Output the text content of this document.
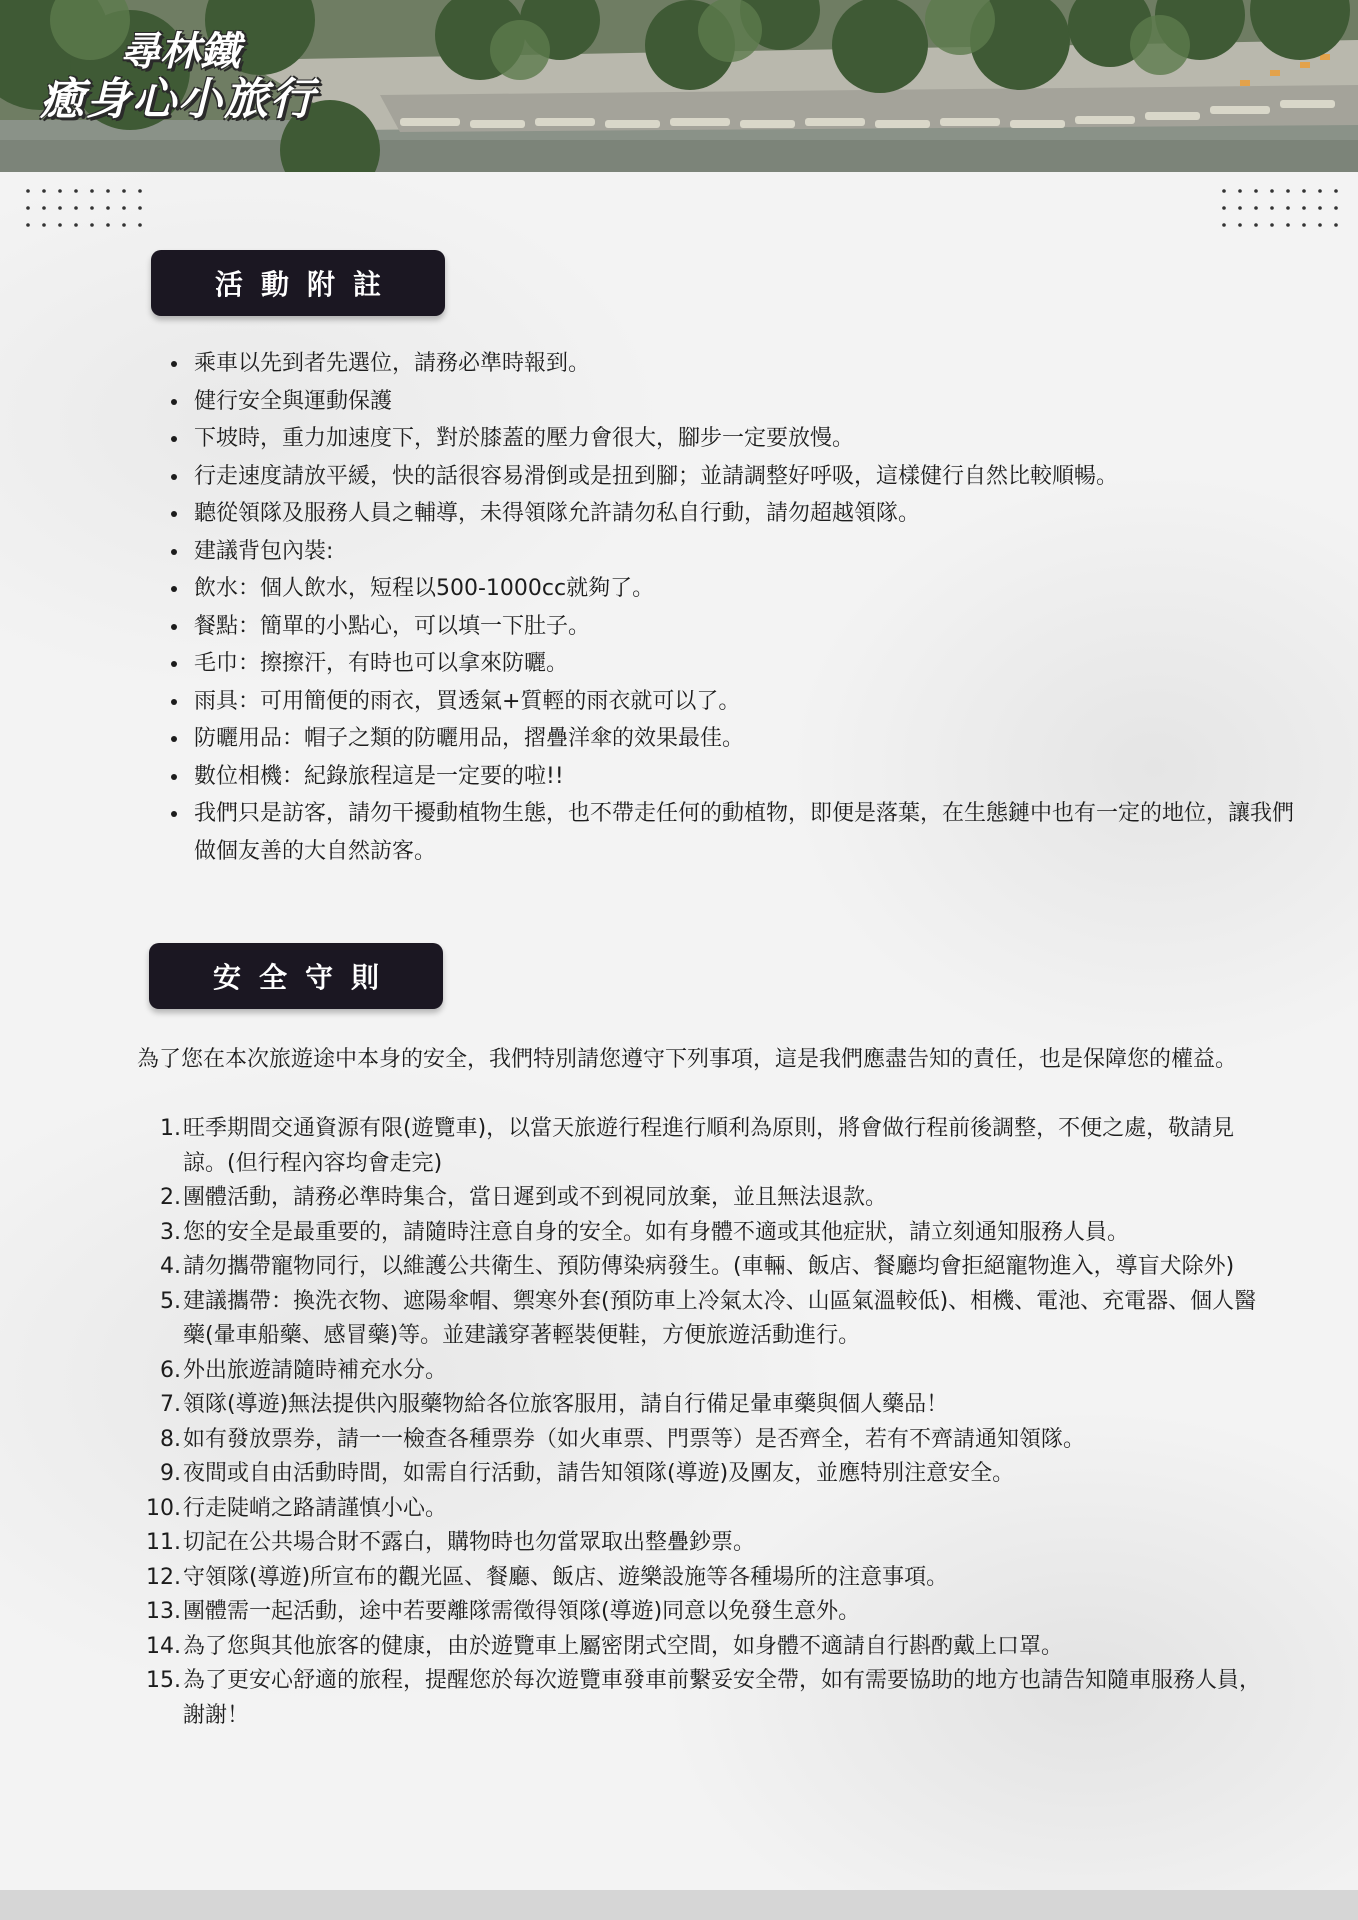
尋林鐵
癒身心小旅行
活動附註
• 乘車以先到者先選位，請務必準時報到。
• 健行安全與運動保護
• 下坡時，重力加速度下，對於膝蓋的壓力會很大，腳步一定要放慢。
• 行走速度請放平緩，快的話很容易滑倒或是扭到腳；並請調整好呼吸，這樣健行自然比較順暢。
• 聽從領隊及服務人員之輔導，未得領隊允許請勿私自行動，請勿超越領隊。
• 建議背包內裝:
• 飲水：個人飲水，短程以500-1000cc就夠了。
• 餐點：簡單的小點心，可以填一下肚子。
• 毛巾：擦擦汗，有時也可以拿來防曬。
• 雨具：可用簡便的雨衣，買透氣+質輕的雨衣就可以了。
• 防曬用品：帽子之類的防曬用品，摺疊洋傘的效果最佳。
• 數位相機：紀錄旅程這是一定要的啦!!
• 我們只是訪客，請勿干擾動植物生態，也不帶走任何的動植物，即便是落葉，在生態鏈中也有一定的地位，讓我們做個友善的大自然訪客。
安全守則

為了您在本次旅遊途中本身的安全，我們特別請您遵守下列事項，這是我們應盡告知的責任，也是保障您的權益。

1. 旺季期間交通資源有限(遊覽車)，以當天旅遊行程進行順利為原則，將會做行程前後調整，不便之處，敬請見諒。(但行程內容均會走完)
2. 團體活動，請務必準時集合，當日遲到或不到視同放棄，並且無法退款。
3. 您的安全是最重要的，請隨時注意自身的安全。如有身體不適或其他症狀，請立刻通知服務人員。
4. 請勿攜帶寵物同行，以維護公共衛生、預防傳染病發生。(車輛、飯店、餐廳均會拒絕寵物進入，導盲犬除外)
5. 建議攜帶：換洗衣物、遮陽傘帽、禦寒外套(預防車上冷氣太冷、山區氣溫較低)、相機、電池、充電器、個人醫藥(暈車船藥、感冒藥)等。並建議穿著輕裝便鞋，方便旅遊活動進行。
6. 外出旅遊請隨時補充水分。
7. 領隊(導遊)無法提供內服藥物給各位旅客服用，請自行備足暈車藥與個人藥品！
8. 如有發放票券，請一一檢查各種票券（如火車票、門票等）是否齊全，若有不齊請通知領隊。
9. 夜間或自由活動時間，如需自行活動，請告知領隊(導遊)及團友，並應特別注意安全。
10. 行走陡峭之路請謹慎小心。
11. 切記在公共場合財不露白，購物時也勿當眾取出整疊鈔票。
12. 守領隊(導遊)所宣布的觀光區、餐廳、飯店、遊樂設施等各種場所的注意事項。
13. 團體需一起活動，途中若要離隊需徵得領隊(導遊)同意以免發生意外。
14. 為了您與其他旅客的健康，由於遊覽車上屬密閉式空間，如身體不適請自行斟酌戴上口罩。
15. 為了更安心舒適的旅程，提醒您於每次遊覽車發車前繫妥安全帶，如有需要協助的地方也請告知隨車服務人員，謝謝！
